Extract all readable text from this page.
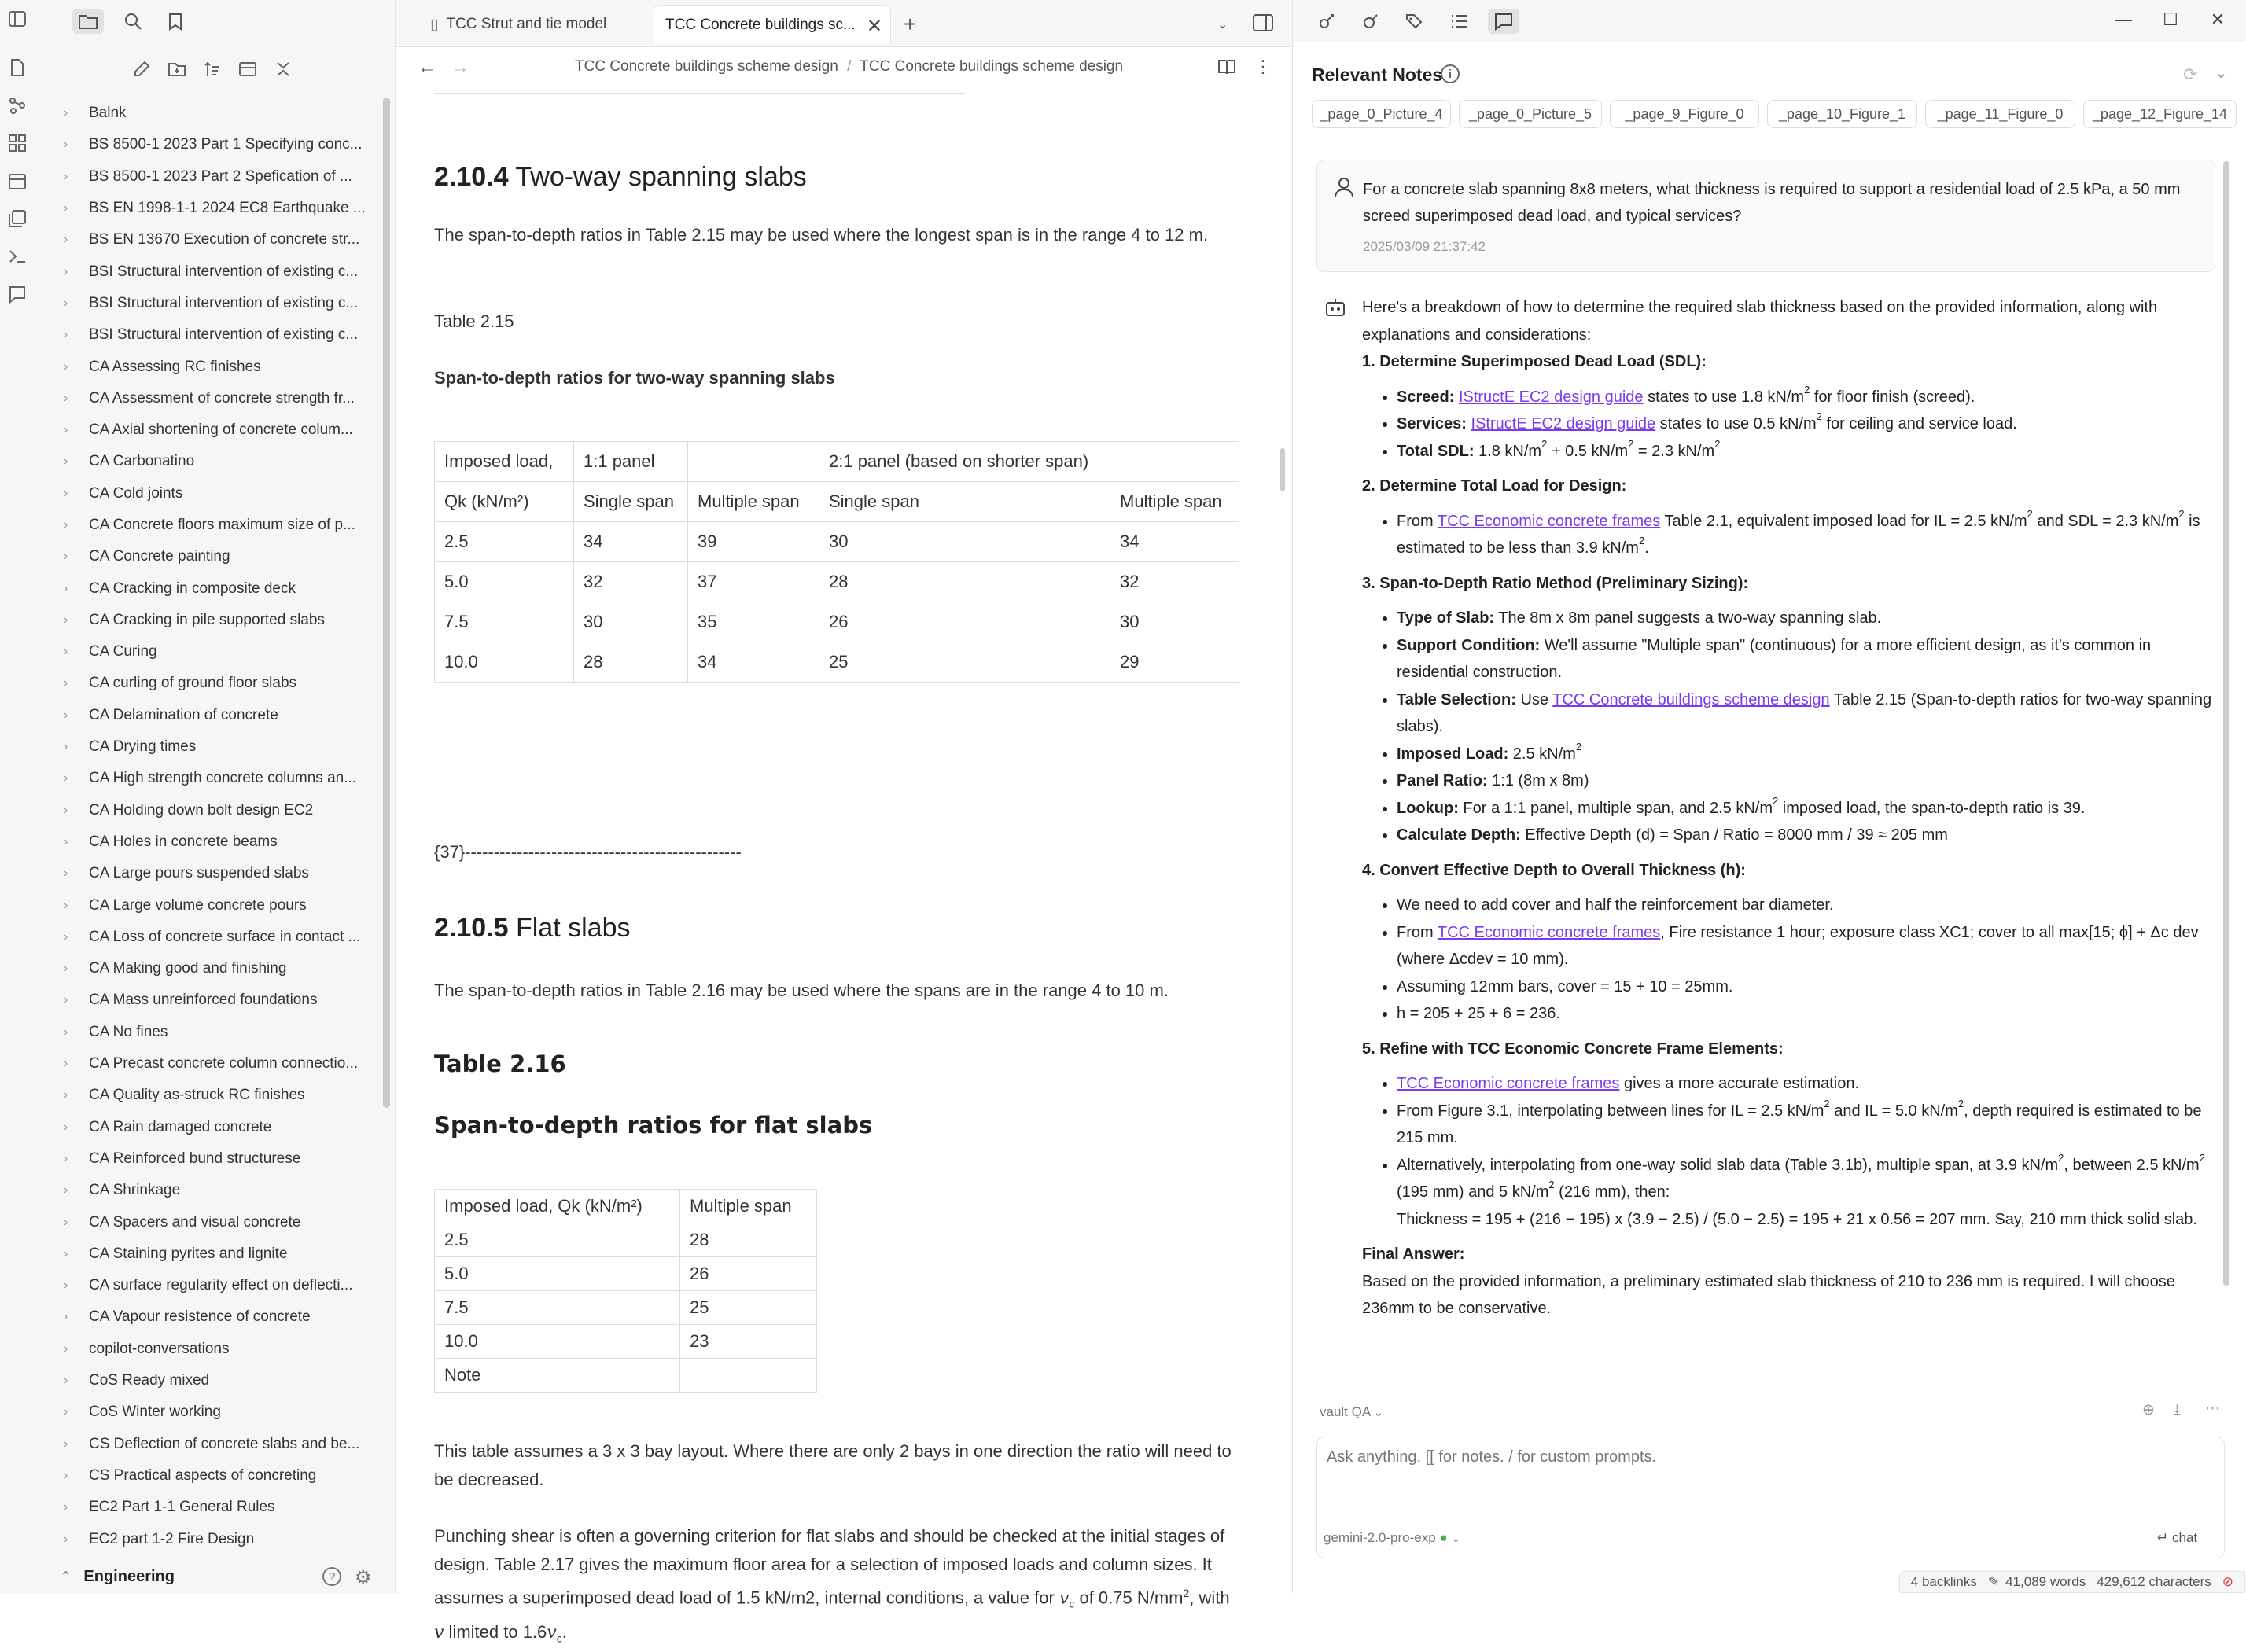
›	Balnk
›	BS 8500-1 2023 Part 1 Specifying conc...
›	BS 8500-1 2023 Part 2 Spefication of ...
›	BS EN 1998-1-1 2024 EC8 Earthquake ...
›	BS EN 13670 Execution of concrete str...
›	BSI Structural intervention of existing c...
›	BSI Structural intervention of existing c...
›	BSI Structural intervention of existing c...
›	CA Assessing RC finishes
›	CA Assessment of concrete strength fr...
›	CA Axial shortening of concrete colum...
›	CA Carbonatino
›	CA Cold joints
›	CA Concrete floors maximum size of p...
›	CA Concrete painting
›	CA Cracking in composite deck
›	CA Cracking in pile supported slabs
›	CA Curing
›	CA curling of ground floor slabs
›	CA Delamination of concrete
›	CA Drying times
›	CA High strength concrete columns an...
›	CA Holding down bolt design EC2
›	CA Holes in concrete beams
›	CA Large pours suspended slabs
›	CA Large volume concrete pours
›	CA Loss of concrete surface in contact ...
›	CA Making good and finishing
›	CA Mass unreinforced foundations
›	CA No fines
›	CA Precast concrete column connectio...
›	CA Quality as-struck RC finishes
›	CA Rain damaged concrete
›	CA Reinforced bund structurese
›	CA Shrinkage
›	CA Spacers and visual concrete
›	CA Staining pyrites and lignite
›	CA surface regularity effect on deflecti...
›	CA Vapour resistence of concrete
›	copilot-conversations
›	CoS Ready mixed
›	CoS Winter working
›	CS Deflection of concrete slabs and be...
›	CS Practical aspects of concreting
›	EC2 Part 1-1 General Rules
›	EC2 part 1-2 Fire Design
⌃ Engineering	?	⚙
▯ TCC Strut and tie model	TCC Concrete buildings sc... ✕ +	⌄
← →	TCC Concrete buildings scheme design / TCC Concrete buildings scheme design	⋮
2.10.4 Two-way spanning slabs

The span-to-depth ratios in Table 2.15 may be used where the longest span is in the range 4 to 12 m.

Table 2.15

Span-to-depth ratios for two-way spanning slabs

Imposed load,	1:1 panel		2:1 panel (based on shorter span)	
Qk (kN/m²)	Single span	Multiple span	Single span	Multiple span
2.5	34	39	30	34
5.0	32	37	28	32
7.5	30	35	26	30
10.0	28	34	25	29

{37}------------------------------------------------

2.10.5 Flat slabs

The span-to-depth ratios in Table 2.16 may be used where the spans are in the range 4 to 10 m.

Table 2.16

Span-to-depth ratios for flat slabs

Imposed load, Qk (kN/m²)	Multiple span
2.5	28
5.0	26
7.5	25
10.0	23
Note	

This table assumes a 3 x 3 bay layout. Where there are only 2 bays in one direction the ratio will need to be decreased.

Punching shear is often a governing criterion for flat slabs and should be checked at the initial stages of design. Table 2.17 gives the maximum floor area for a selection of imposed loads and column sizes. It assumes a superimposed dead load of 1.5 kN/m2, internal conditions, a value for $v_c$ of 0.75 $N/mm^2$, with v limited to $1.6v_c$.

— ☐	✕
Relevant Notes i	⟳ ⌄
_page_0_Picture_4	_page_0_Picture_5	_page_9_Figure_0	_page_10_Figure_1	_page_11_Figure_0	_page_12_Figure_14
For a concrete slab spanning 8x8 meters, what thickness is required to support a residential load of 2.5 kPa, a 50 mm screed superimposed dead load, and typical services?
2025/03/09 21:37:42
Here's a breakdown of how to determine the required slab thickness based on the provided information, along with explanations and considerations:
1. Determine Superimposed Dead Load (SDL):
• Screed: IStructE EC2 design guide states to use 1.8 $kN/m^2$ for floor finish (screed).
• Services: IStructE EC2 design guide states to use 0.5 $kN/m^2$ for ceiling and service load.
• Total SDL: 1.8 $kN/m^2 + 0.5$ $kN/m^2 = 2.3$ $kN/m^2$
2. Determine Total Load for Design:
• From TCC Economic concrete frames Table 2.1, equivalent imposed load for IL = 2.5 $kN/m^2$ and SDL = 2.3 $kN/m^2$ is estimated to be less than 3.9 $kN/m^2$.
3. Span-to-Depth Ratio Method (Preliminary Sizing):
• Type of Slab: The 8m x 8m panel suggests a two-way spanning slab.
• Support Condition: We'll assume "Multiple span" (continuous) for a more efficient design, as it's common in residential construction.
• Table Selection: Use TCC Concrete buildings scheme design Table 2.15 (Span-to-depth ratios for two-way spanning slabs).
• Imposed Load: 2.5 $kN/m^2$
• Panel Ratio: 1:1 (8m x 8m)
• Lookup: For a 1:1 panel, multiple span, and 2.5 $kN/m^2$ imposed load, the span-to-depth ratio is 39.
• Calculate Depth: Effective Depth (d) = Span / Ratio = 8000 mm / 39 ≈ 205 mm
4. Convert Effective Depth to Overall Thickness (h):
• We need to add cover and half the reinforcement bar diameter.
• From TCC Economic concrete frames, Fire resistance 1 hour; exposure class XC1; cover to all max[15; ϕ] + Δc dev (where Δcdev = 10 mm).
• Assuming 12mm bars, cover = 15 + 10 = 25mm.
• h = 205 + 25 + 6 = 236.
5. Refine with TCC Economic Concrete Frame Elements:
• TCC Economic concrete frames gives a more accurate estimation.
• From Figure 3.1, interpolating between lines for IL = 2.5 $kN/m^2$ and IL = 5.0 $kN/m^2$, depth required is estimated to be 215 mm.
• Alternatively, interpolating from one-way solid slab data (Table 3.1b), multiple span, at 3.9 $kN/m^2$, between 2.5 $kN/m^2$ (195 mm) and 5 $kN/m^2$ (216 mm), then:
Thickness = 195 + (216 − 195) x (3.9 − 2.5) / (5.0 − 2.5) = 195 + 21 x 0.56 = 207 mm. Say, 210 mm thick solid slab.
Final Answer:
Based on the provided information, a preliminary estimated slab thickness of 210 to 236 mm is required. I will choose 236mm to be conservative.
vault QA ⌄	⊕ ⤓ ⋯
Ask anything. [[ for notes. / for custom prompts.
gemini-2.0-pro-exp ● ⌄	↵ chat
4 backlinks ✎ 41,089 words 429,612 characters ⊘
